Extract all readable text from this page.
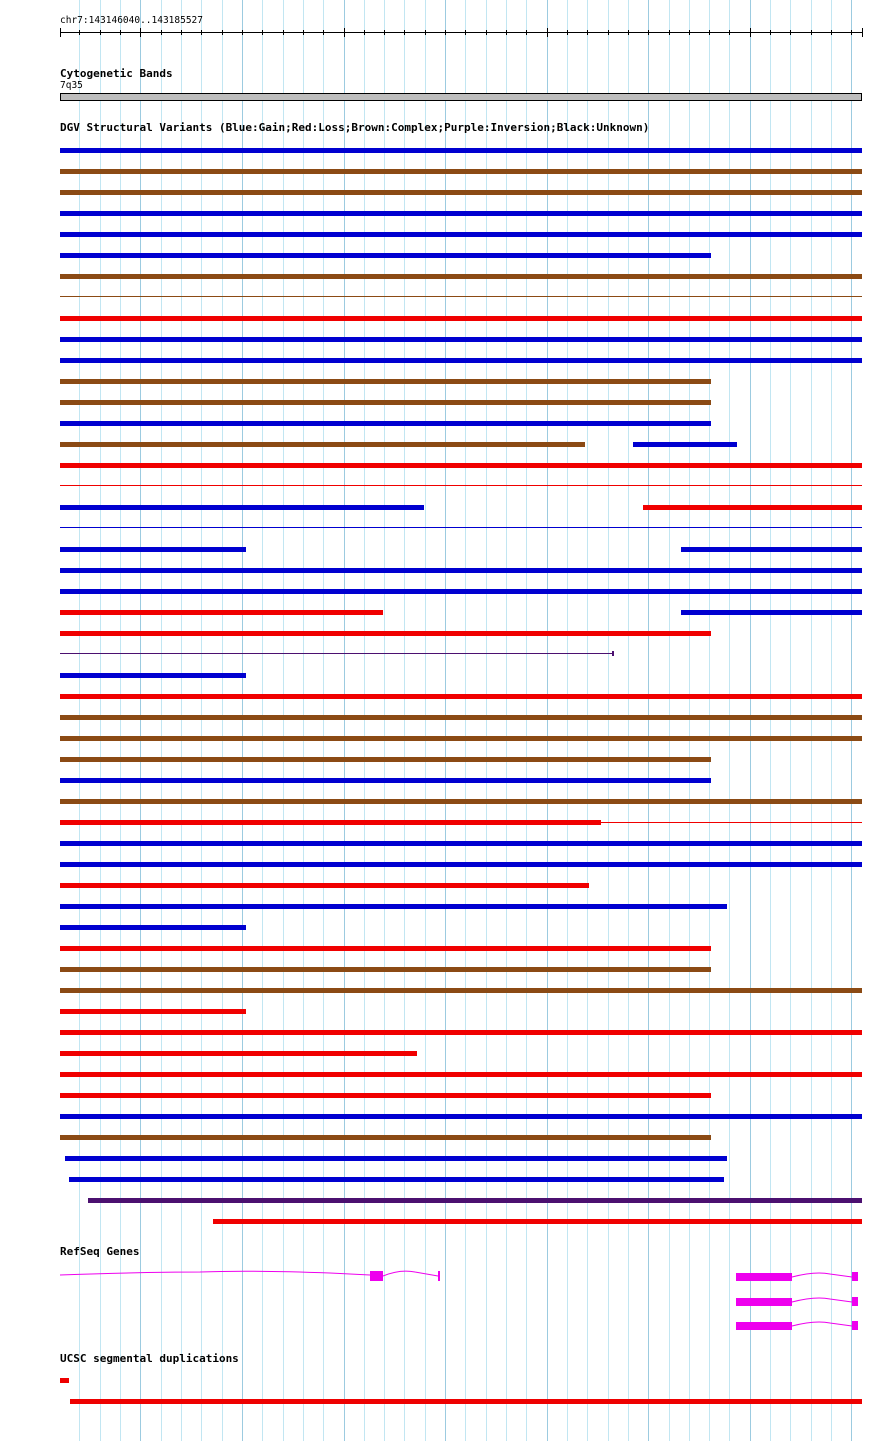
chr7:143146040..143185527
Cytogenetic Bands
7q35
DGV Structural Variants (Blue:Gain;Red:Loss;Brown:Complex;Purple:Inversion;Black:Unknown)
RefSeq Genes
UCSC segmental duplications
